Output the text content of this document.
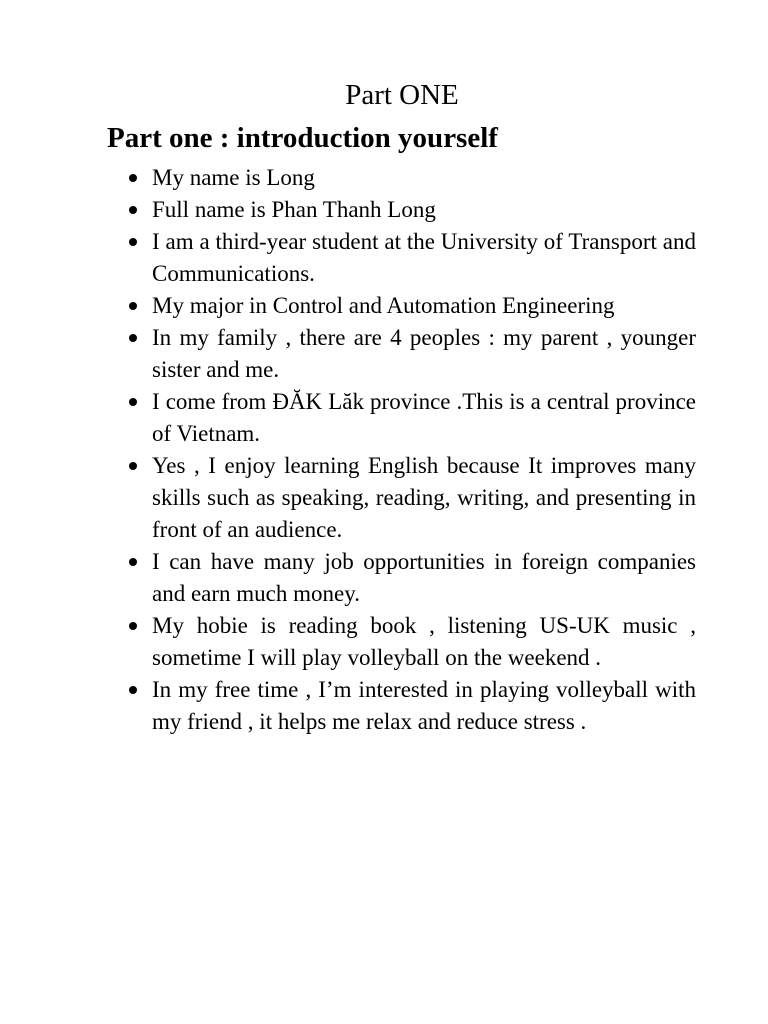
Part ONE
Part one : introduction yourself
My name is Long
Full name is Phan Thanh Long
I am a third-year student at the University of Transport and Communications.
My major in Control and Automation Engineering
In my family , there are 4 peoples : my parent , younger sister and me.
I come from ĐĂK Lăk province .This is a central province of Vietnam.
Yes , I enjoy learning English because It improves many skills such as speaking, reading, writing, and presenting in front of an audience.
I can have many job opportunities in foreign companies and earn much money.
My hobie is reading book , listening US-UK music , sometime I will play volleyball on the weekend .
In my free time , I’m interested in playing volleyball with my friend , it helps me relax and reduce stress .
